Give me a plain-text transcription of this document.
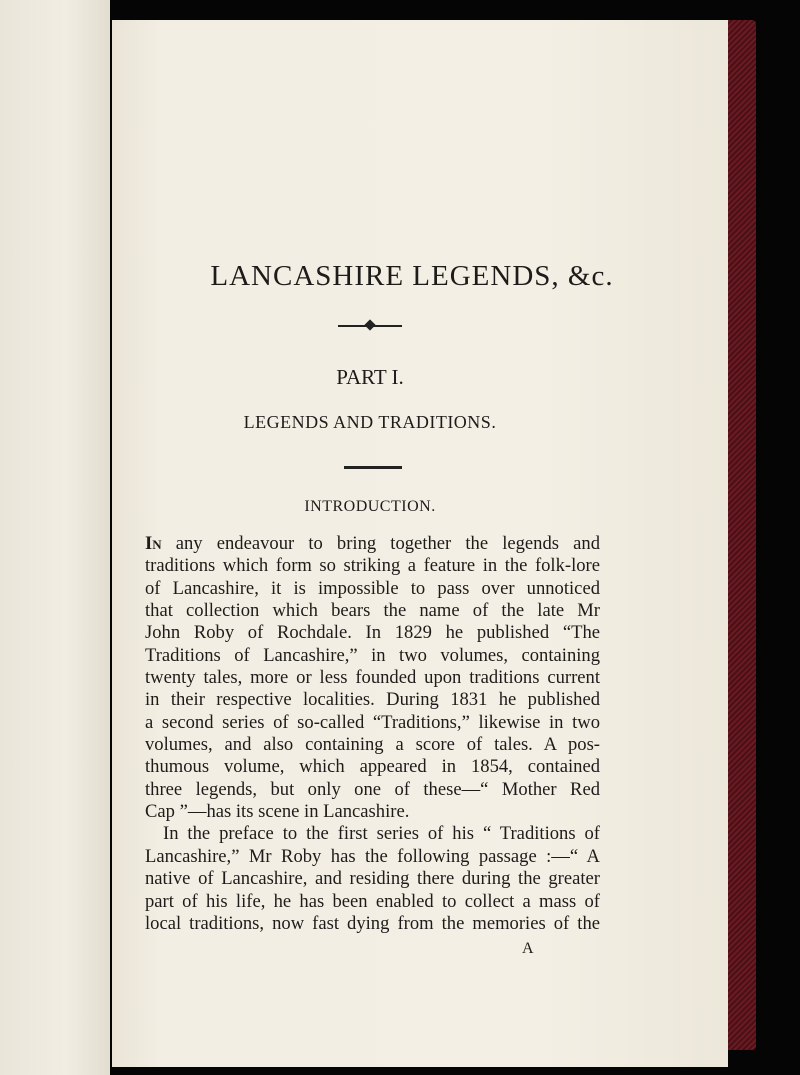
LANCASHIRE LEGENDS, &c.
PART I.
LEGENDS AND TRADITIONS.
INTRODUCTION.
In any endeavour to bring together the legends and
traditions which form so striking a feature in the folk-lore
of Lancashire, it is impossible to pass over unnoticed
that collection which bears the name of the late Mr
John Roby of Rochdale. In 1829 he published “The
Traditions of Lancashire,” in two volumes, containing
twenty tales, more or less founded upon traditions current
in their respective localities. During 1831 he published
a second series of so-called “Traditions,” likewise in two
volumes, and also containing a score of tales. A pos-
thumous volume, which appeared in 1854, contained
three legends, but only one of these—“ Mother Red
Cap ”—has its scene in Lancashire.
In the preface to the first series of his “ Traditions of
Lancashire,” Mr Roby has the following passage :—“ A
native of Lancashire, and residing there during the greater
part of his life, he has been enabled to collect a mass of
local traditions, now fast dying from the memories of the
A
